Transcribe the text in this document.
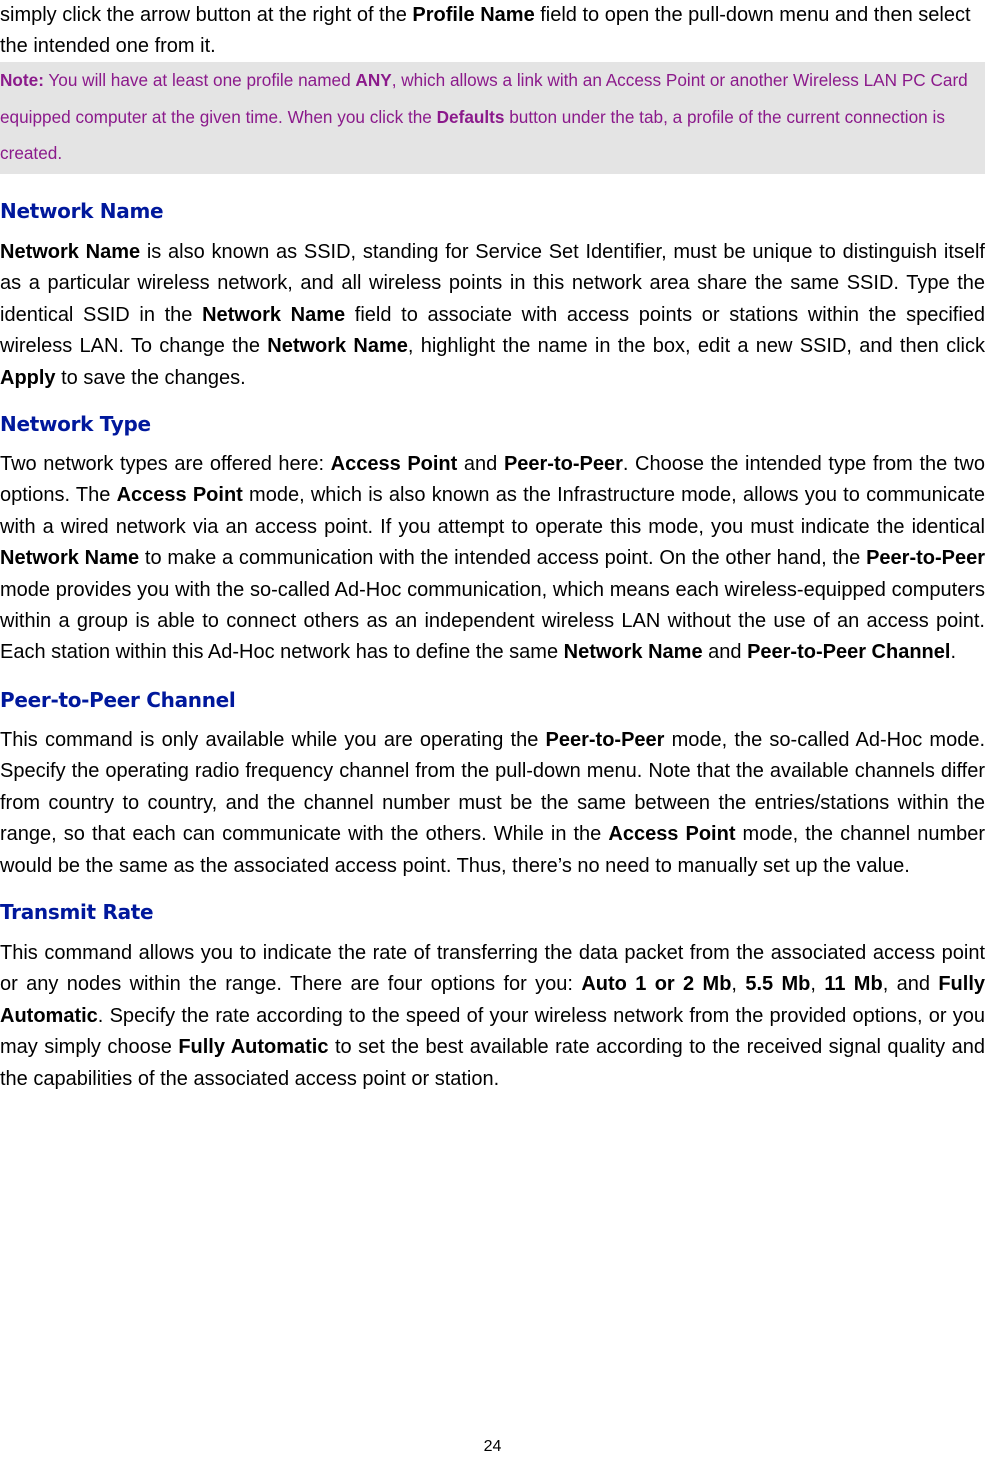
simply click the arrow button at the right of the Profile Name field to open the pull-down menu and then select the intended one from it.

Note: You will have at least one profile named ANY, which allows a link with an Access Point or another Wireless LAN PC Card equipped computer at the given time. When you click the Defaults button under the tab, a profile of the current connection is created.
Network Name

Network Name is also known as SSID, standing for Service Set Identifier, must be unique to distinguish itself as a particular wireless network, and all wireless points in this network area share the same SSID. Type the identical SSID in the Network Name field to associate with access points or stations within the specified wireless LAN. To change the Network Name, highlight the name in the box, edit a new SSID, and then click Apply to save the changes.

Network Type

Two network types are offered here: Access Point and Peer-to-Peer. Choose the intended type from the two options. The Access Point mode, which is also known as the Infrastructure mode, allows you to communicate with a wired network via an access point. If you attempt to operate this mode, you must indicate the identical Network Name to make a communication with the intended access point. On the other hand, the Peer-to-Peer mode provides you with the so-called Ad-Hoc communication, which means each wireless-equipped computers within a group is able to connect others as an independent wireless LAN without the use of an access point. Each station within this Ad-Hoc network has to define the same Network Name and Peer-to-Peer Channel.

Peer-to-Peer Channel

This command is only available while you are operating the Peer-to-Peer mode, the so-called Ad-Hoc mode. Specify the operating radio frequency channel from the pull-down menu. Note that the available channels differ from country to country, and the channel number must be the same between the entries/stations within the range, so that each can communicate with the others. While in the Access Point mode, the channel number would be the same as the associated access point. Thus, there’s no need to manually set up the value.

Transmit Rate

This command allows you to indicate the rate of transferring the data packet from the associated access point or any nodes within the range. There are four options for you: Auto 1 or 2 Mb, 5.5 Mb, 11 Mb, and Fully Automatic. Specify the rate according to the speed of your wireless network from the provided options, or you may simply choose Fully Automatic to set the best available rate according to the received signal quality and the capabilities of the associated access point or station.

24
